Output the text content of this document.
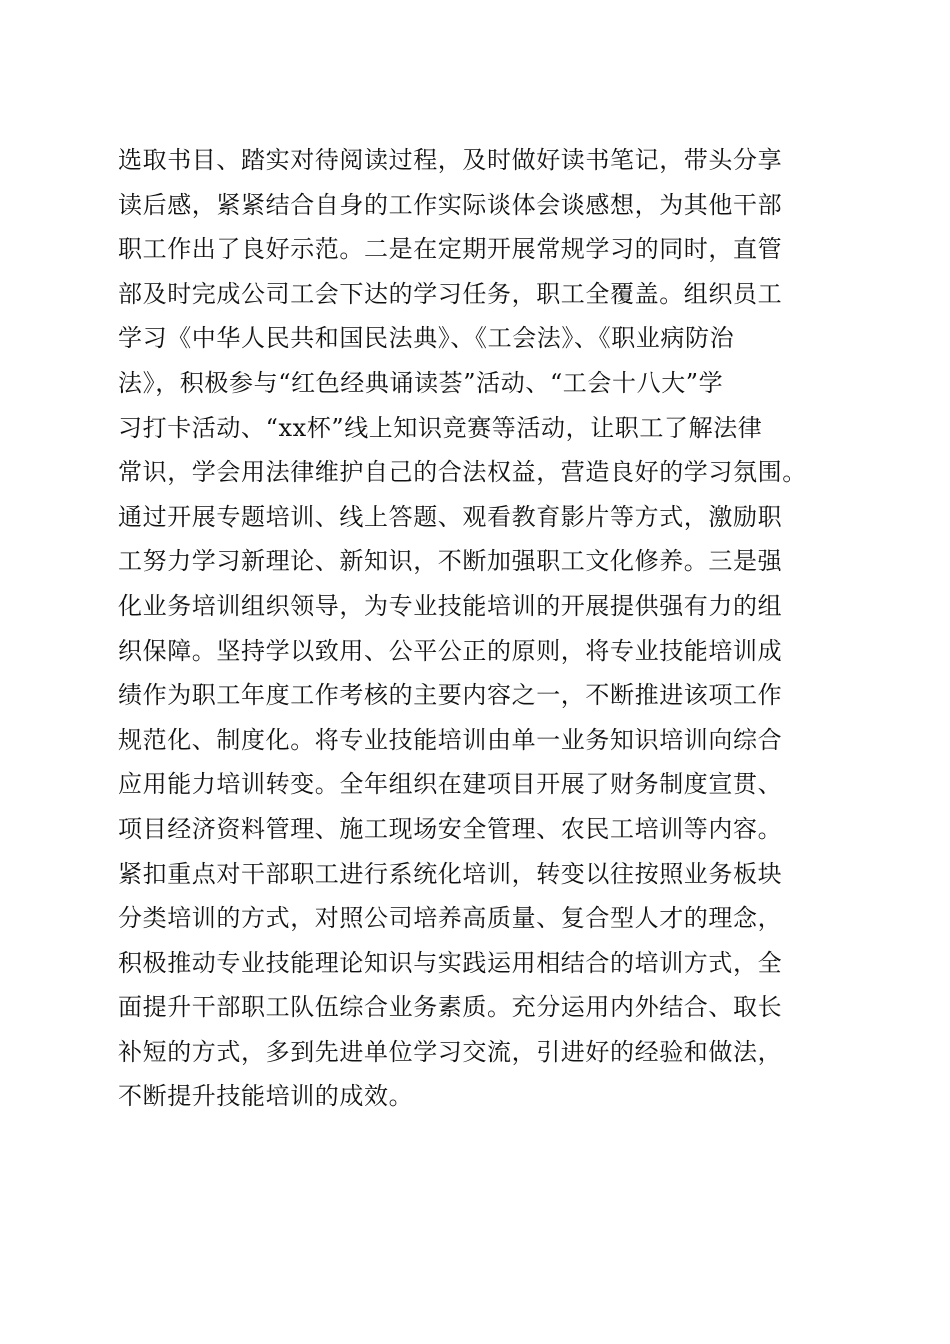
选取书目、踏实对待阅读过程，及时做好读书笔记，带头分享
读后感，紧紧结合自身的工作实际谈体会谈感想，为其他干部
职工作出了良好示范。二是在定期开展常规学习的同时，直管
部及时完成公司工会下达的学习任务，职工全覆盖。组织员工
学习《中华人民共和国民法典》、《工会法》、《职业病防治
法》，积极参与“红色经典诵读荟”活动、“工会十八大”学
习打卡活动、“xx杯”线上知识竞赛等活动，让职工了解法律
常识，学会用法律维护自己的合法权益，营造良好的学习氛围。
通过开展专题培训、线上答题、观看教育影片等方式，激励职
工努力学习新理论、新知识，不断加强职工文化修养。三是强
化业务培训组织领导，为专业技能培训的开展提供强有力的组
织保障。坚持学以致用、公平公正的原则，将专业技能培训成
绩作为职工年度工作考核的主要内容之一，不断推进该项工作
规范化、制度化。将专业技能培训由单一业务知识培训向综合
应用能力培训转变。全年组织在建项目开展了财务制度宣贯、
项目经济资料管理、施工现场安全管理、农民工培训等内容。
紧扣重点对干部职工进行系统化培训，转变以往按照业务板块
分类培训的方式，对照公司培养高质量、复合型人才的理念，
积极推动专业技能理论知识与实践运用相结合的培训方式，全
面提升干部职工队伍综合业务素质。充分运用内外结合、取长
补短的方式，多到先进单位学习交流，引进好的经验和做法，
不断提升技能培训的成效。
